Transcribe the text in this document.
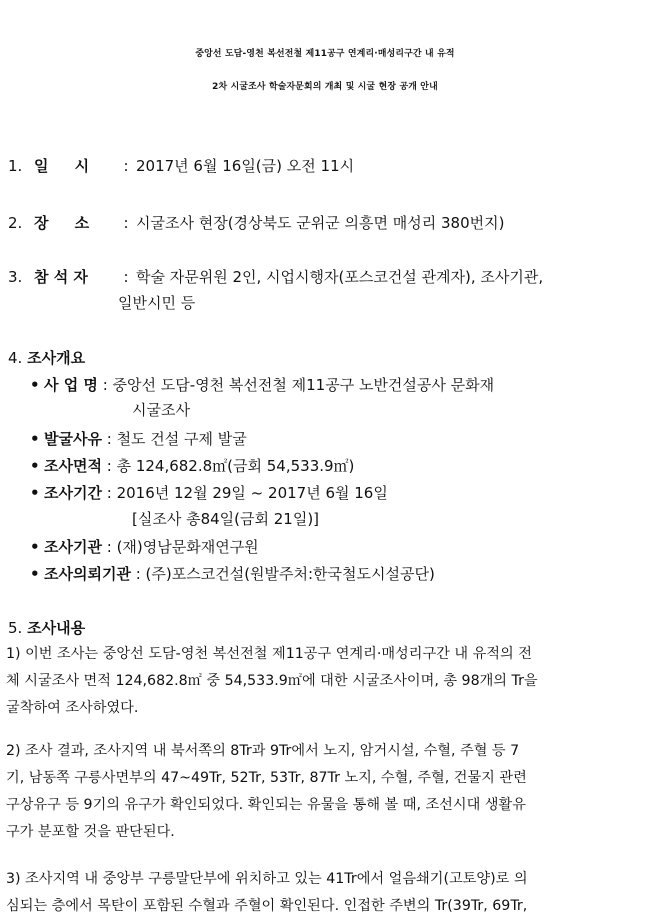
중앙선 도담-영천 복선전철 제11공구 연계리·매성리구간 내 유적
2차 시굴조사 학술자문회의 개최 및 시굴 현장 공개 안내
1. 일     시 : 2017년 6월 16일(금) 오전 11시
2. 장     소 : 시굴조사 현장(경상북도 군위군 의흥면 매성리 380번지)
3. 참 석 자 : 학술 자문위원 2인, 시업시행자(포스코건설 관계자), 조사기관,
일반시민 등
4. 조사개요
• 사 업 명 : 중앙선 도담-영천 복선전철 제11공구 노반건설공사 문화재
시굴조사
• 발굴사유 : 철도 건설 구제 발굴
• 조사면적 : 총 124,682.8㎡(금회 54,533.9㎡)
• 조사기간 : 2016년 12월 29일 ~ 2017년 6월 16일
[실조사 총84일(금회 21일)]
• 조사기관 : (재)영남문화재연구원
• 조사의뢰기관 : (주)포스코건설(원발주처:한국철도시설공단)
5. 조사내용
1) 이번 조사는 중앙선 도담-영천 복선전철 제11공구 연계리·매성리구간 내 유적의 전
체 시굴조사 면적 124,682.8㎡ 중 54,533.9㎡에 대한 시굴조사이며, 총 98개의 Tr을
굴착하여 조사하였다.
2) 조사 결과, 조사지역 내 북서쪽의 8Tr과 9Tr에서 노지, 암거시설, 수혈, 주혈 등 7
기, 남동쪽 구릉사면부의 47~49Tr, 52Tr, 53Tr, 87Tr 노지, 수혈, 주혈, 건물지 관련
구상유구 등 9기의 유구가 확인되었다. 확인되는 유물을 통해 볼 때, 조선시대 생활유
구가 분포할 것을 판단된다.
3) 조사지역 내 중앙부 구릉말단부에 위치하고 있는 41Tr에서 얼음쇄기(고토양)로 의
심되는 층에서 목탄이 포함된 수혈과 주혈이 확인된다. 인접한 주변의 Tr(39Tr, 69Tr,
